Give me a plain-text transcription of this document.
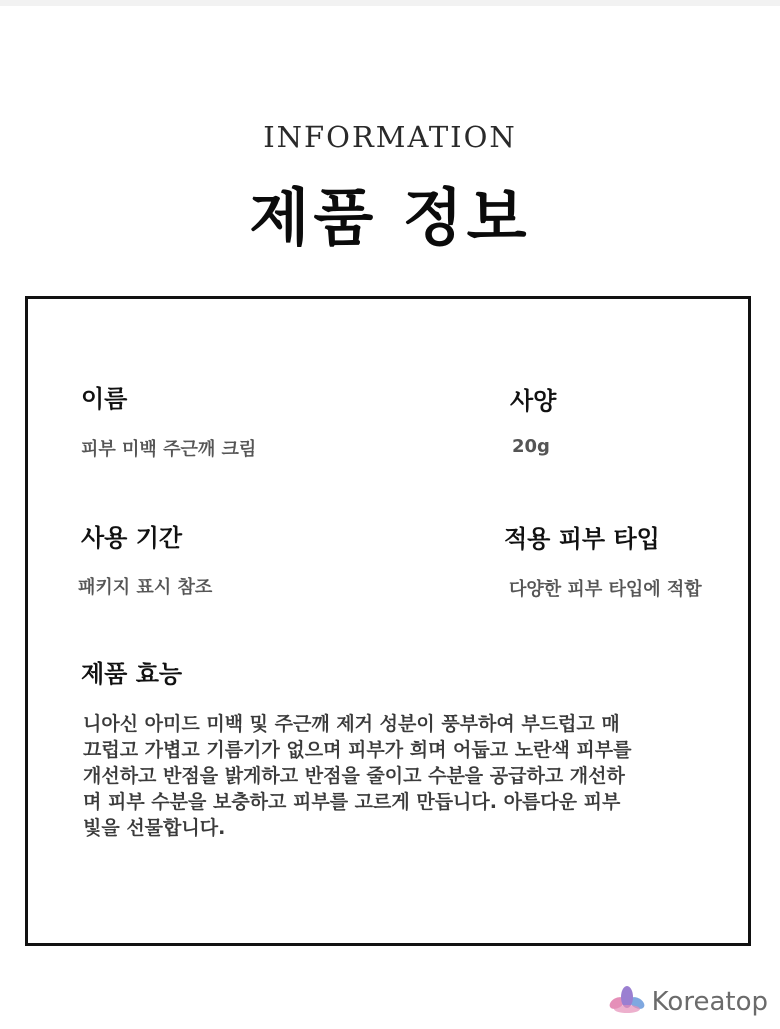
INFORMATION
제품 정보
이름
피부 미백 주근깨 크림
사양
20g
사용 기간
패키지 표시 참조
적용 피부 타입
다양한 피부 타입에 적합
제품 효능
니아신 아미드 미백 및 주근깨 제거 성분이 풍부하여 부드럽고 매
끄럽고 가볍고 기름기가 없으며 피부가 희며 어둡고 노란색 피부를
개선하고 반점을 밝게하고 반점을 줄이고 수분을 공급하고 개선하
며 피부 수분을 보충하고 피부를 고르게 만듭니다. 아름다운 피부
빛을 선물합니다.
Koreatop
